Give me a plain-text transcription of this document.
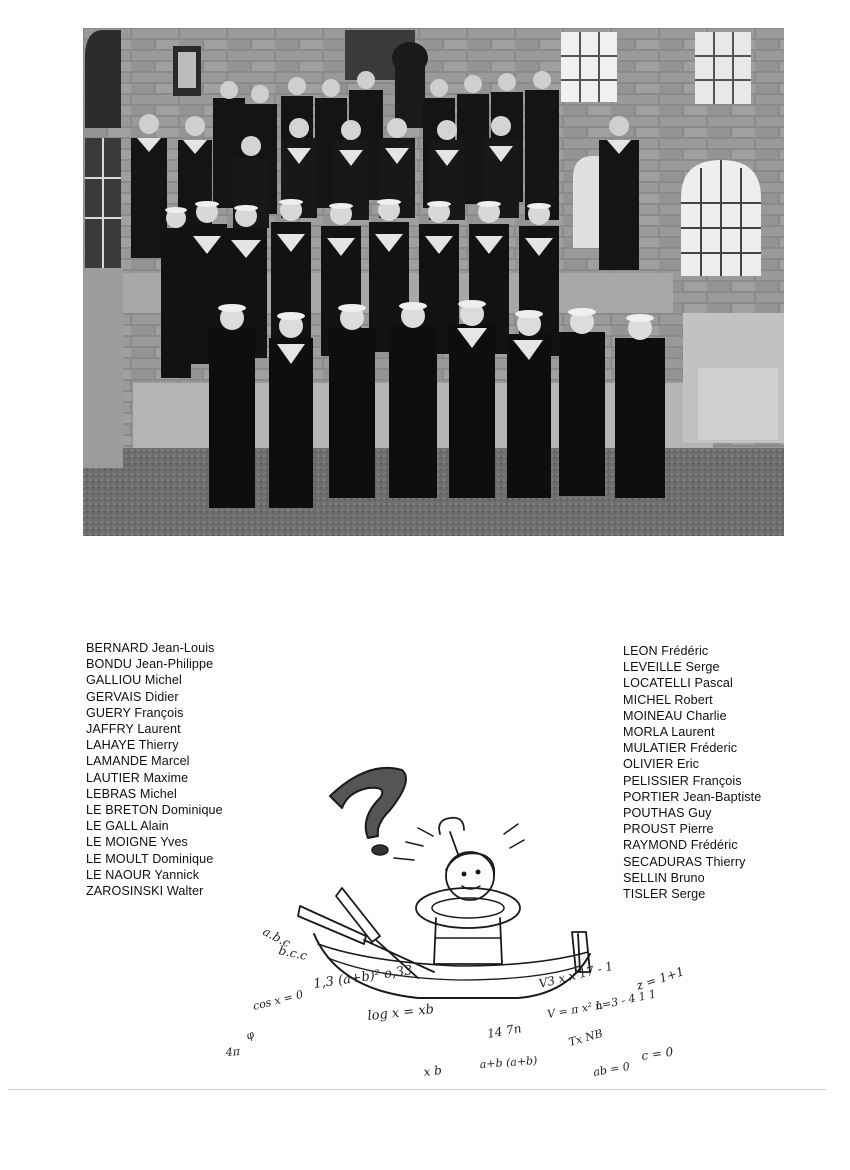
BERNARD Jean-Louis
BONDU Jean-Philippe
GALLIOU Michel
GERVAIS Didier
GUERY François
JAFFRY Laurent
LAHAYE Thierry
LAMANDE Marcel
LAUTIER Maxime
LEBRAS Michel
LE BRETON Dominique
LE GALL Alain
LE MOIGNE Yves
LE MOULT Dominique
LE NAOUR Yannick
ZAROSINSKI Walter
LEON Frédéric
LEVEILLE Serge
LOCATELLI Pascal
MICHEL Robert
MOINEAU Charlie
MORLA Laurent
MULATIER Fréderic
OLIVIER Eric
PELISSIER François
PORTIER Jean-Baptiste
POUTHAS Guy
PROUST Pierre
RAYMOND Frédéric
SECADURAS Thierry
SELLIN Bruno
TISLER Serge
a.b.c
b.c.c
1,3 (a+b)² o,33
log x = xb
14 7n
V3 x x 17 - 1
V = π x² L
n=3 - 4 1 1
z = 1+1
cos x = 0
x b	ab = 0
c = 0
a+b (a+b)
Tx NB
4π
φ
